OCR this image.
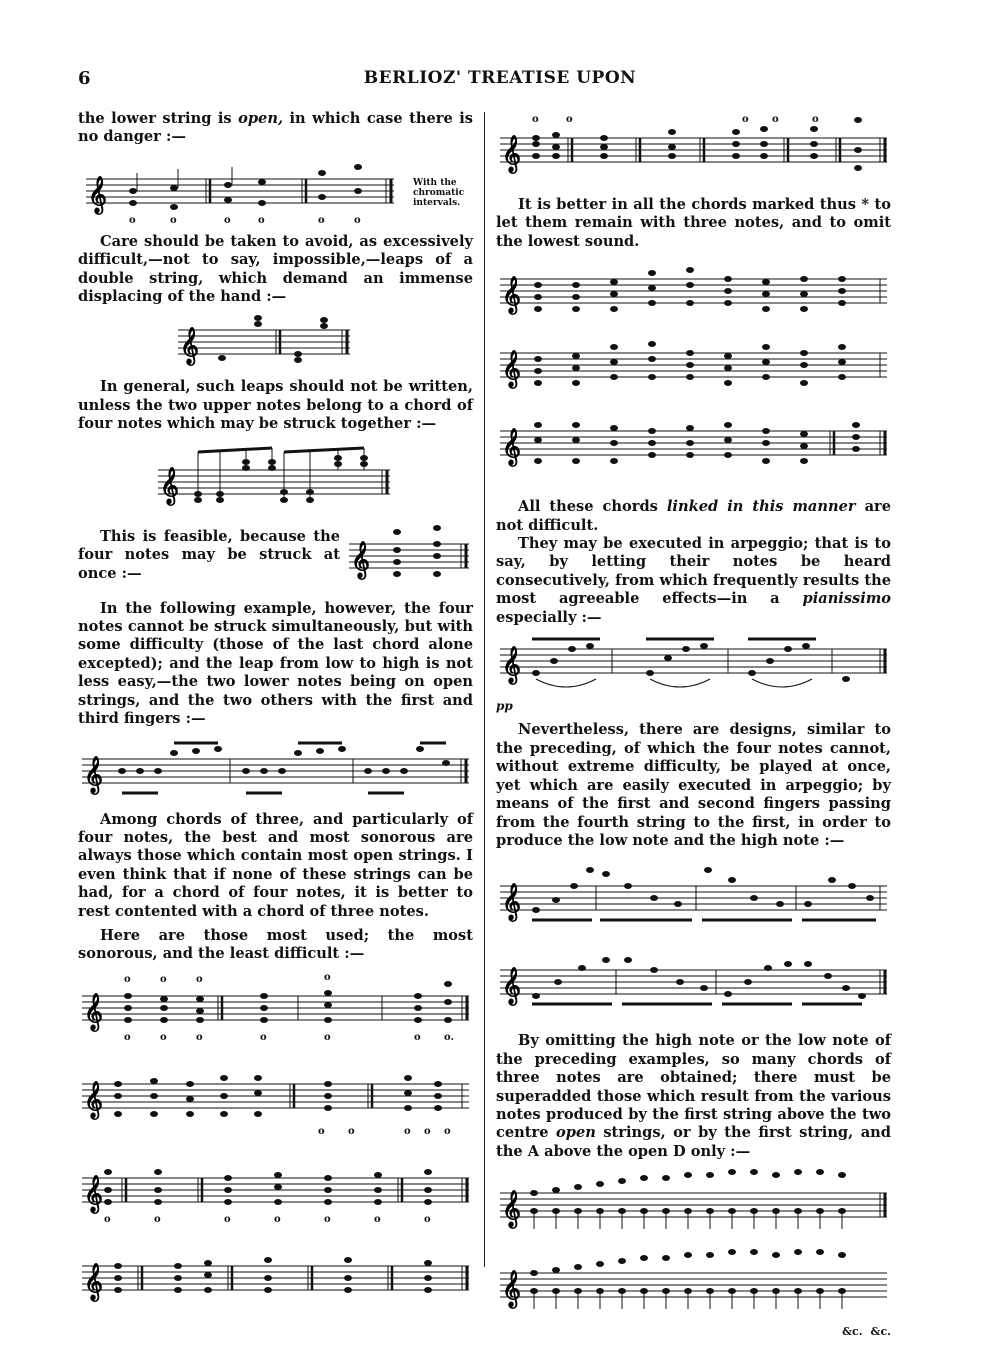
6	BERLIOZ' TREATISE UPON

the lower string is open, in which case there is no danger :—

𝄞
o	o	o	o	o	o
With the
chromatic
intervals.

Care should be taken to avoid, as excessively difficult,—not to say, impossible,—leaps of a double string, which demand an immense displacing of the hand :—

𝄞

In general, such leaps should not be written, unless the two upper notes belong to a chord of four notes which may be struck together :—

𝄞

This is feasible, because the four notes may be struck at once :—	𝄞

In the following example, however, the four notes cannot be struck simultaneously, but with some difficulty (those of the last chord alone excepted); and the leap from low to high is not less easy,—the two lower notes being on open strings, and the two others with the first and third fingers :—

𝄞

Among chords of three, and particularly of four notes, the best and most sonorous are always those which contain most open strings. I even think that if none of these strings can be had, for a chord of four notes, it is better to rest contented with a chord of three notes.

Here are those most used; the most sonorous, and the least difficult :—

𝄞
𝄞
𝄞
𝄞
o	o	o	o
o	o	o	o	o	o o.
o o	o o o
o	o	o	o	o	o	o
𝄞
o	o	o o	o

It is better in all the chords marked thus * to let them remain with three notes, and to omit the lowest sound.

𝄞
𝄞
𝄞

All these chords linked in this manner are not difficult.

They may be executed in arpeggio; that is to say, by letting their notes be heard consecutively, from which frequently results the most agreeable effects—in a pianissimo especially :—

𝄞
pp

Nevertheless, there are designs, similar to the preceding, of which the four notes cannot, without extreme difficulty, be played at once, yet which are easily executed in arpeggio; by means of the first and second fingers passing from the fourth string to the first, in order to produce the low note and the high note :—

𝄞
𝄞

By omitting the high note or the low note of the preceding examples, so many chords of three notes are obtained; there must be superadded those which result from the various notes produced by the first string above the two centre open strings, or by the first string, and the A above the open D only :—

𝄞
𝄞
&c. &c.
